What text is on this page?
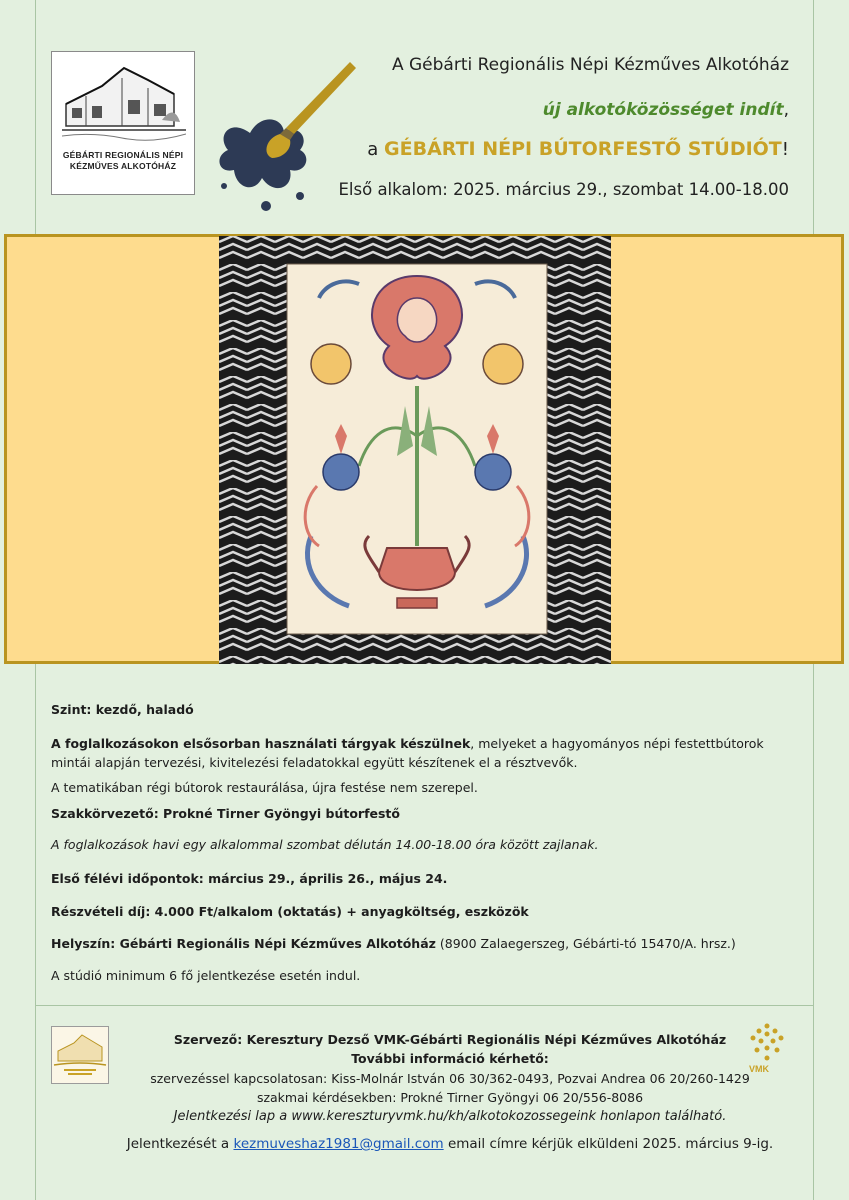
GÉBÁRTI REGIONÁLIS NÉPI
KÉZMŰVES ALKOTÓHÁZ
A Gébárti Regionális Népi Kézműves Alkotóház
új alkotóközösséget indít,
a GÉBÁRTI NÉPI BÚTORFESTŐ STÚDIÓT!
Első alkalom: 2025. március 29., szombat 14.00-18.00
Szint: kezdő, haladó
A foglalkozásokon elsősorban használati tárgyak készülnek, melyeket a hagyományos népi festettbútorok mintái alapján tervezési, kivitelezési feladatokkal együtt készítenek el a résztvevők.
A tematikában régi bútorok restaurálása, újra festése nem szerepel.
Szakkörvezető: Prokné Tirner Gyöngyi bútorfestő
A foglalkozások havi egy alkalommal szombat délután 14.00-18.00 óra között zajlanak.
Első félévi időpontok: március 29., április 26., május 24.
Részvételi díj: 4.000 Ft/alkalom (oktatás) + anyagköltség, eszközök
Helyszín: Gébárti Regionális Népi Kézműves Alkotóház (8900 Zalaegerszeg, Gébárti-tó 15470/A. hrsz.)
A stúdió minimum 6 fő jelentkezése esetén indul.
VMK
Szervező: Keresztury Dezső VMK-Gébárti Regionális Népi Kézműves Alkotóház
További információ kérhető:
szervezéssel kapcsolatosan: Kiss-Molnár István 06 30/362-0493, Pozvai Andrea 06 20/260-1429
szakmai kérdésekben: Prokné Tirner Gyöngyi 06 20/556-8086
Jelentkezési lap a www.kereszturyvmk.hu/kh/alkotokozossegeink honlapon található.
Jelentkezését a kezmuveshaz1981@gmail.com email címre kérjük elküldeni 2025. március 9-ig.
